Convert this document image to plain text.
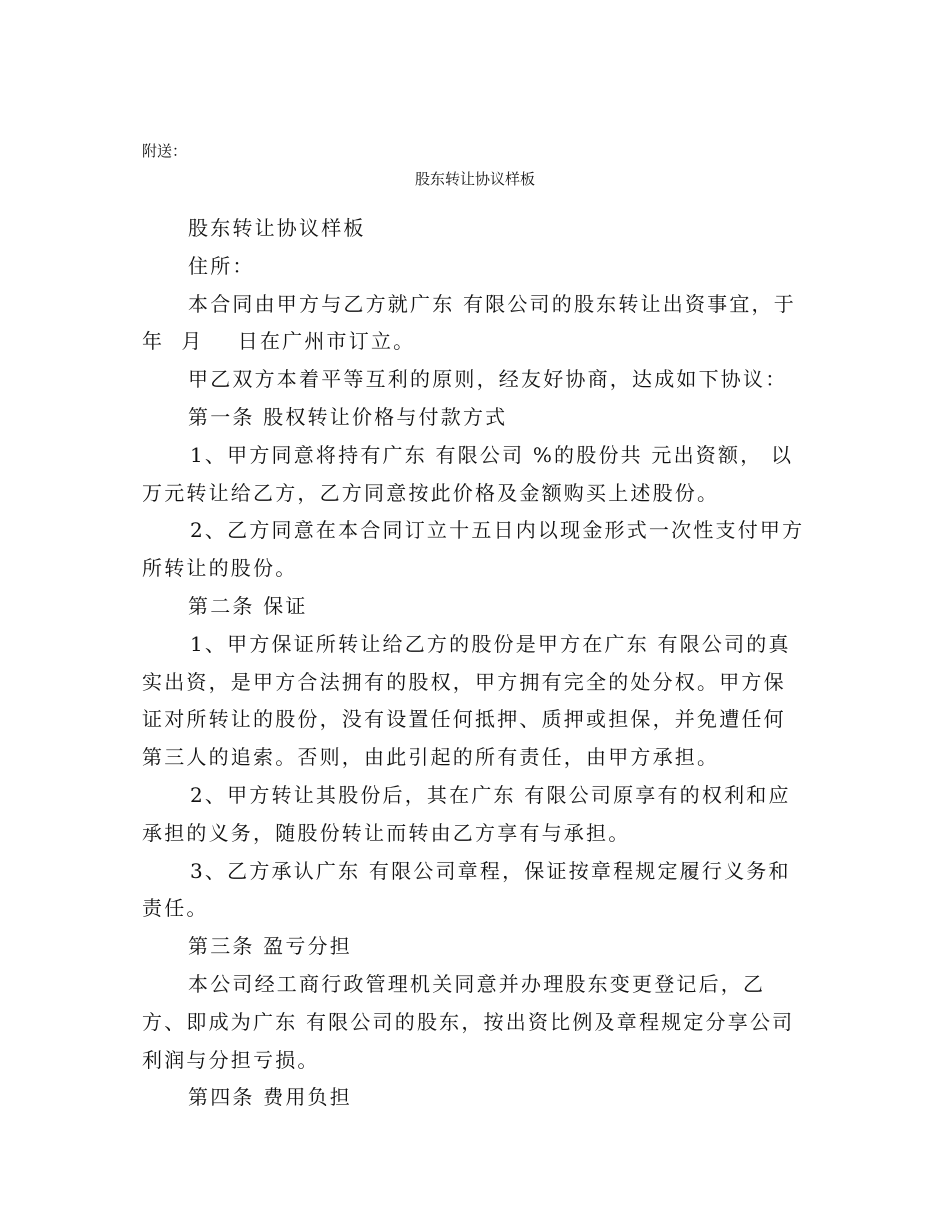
附送：
股东转让协议样板

股东转让协议样板

住所：

本合同由甲方与乙方就广东 有限公司的股东转让出资事宜，于年  月    日在广州市订立。

甲乙双方本着平等互利的原则，经友好协商，达成如下协议：

第一条 股权转让价格与付款方式

1、甲方同意将持有广东 有限公司 %的股份共 元出资额， 以万元转让给乙方，乙方同意按此价格及金额购买上述股份。

2、乙方同意在本合同订立十五日内以现金形式一次性支付甲方所转让的股份。

第二条 保证

1、甲方保证所转让给乙方的股份是甲方在广东 有限公司的真实出资，是甲方合法拥有的股权，甲方拥有完全的处分权。甲方保证对所转让的股份，没有设置任何抵押、质押或担保，并免遭任何第三人的追索。否则，由此引起的所有责任，由甲方承担。

2、甲方转让其股份后，其在广东 有限公司原享有的权利和应承担的义务，随股份转让而转由乙方享有与承担。

3、乙方承认广东 有限公司章程，保证按章程规定履行义务和责任。

第三条 盈亏分担

本公司经工商行政管理机关同意并办理股东变更登记后，乙方、即成为广东 有限公司的股东，按出资比例及章程规定分享公司利润与分担亏损。

第四条 费用负担
